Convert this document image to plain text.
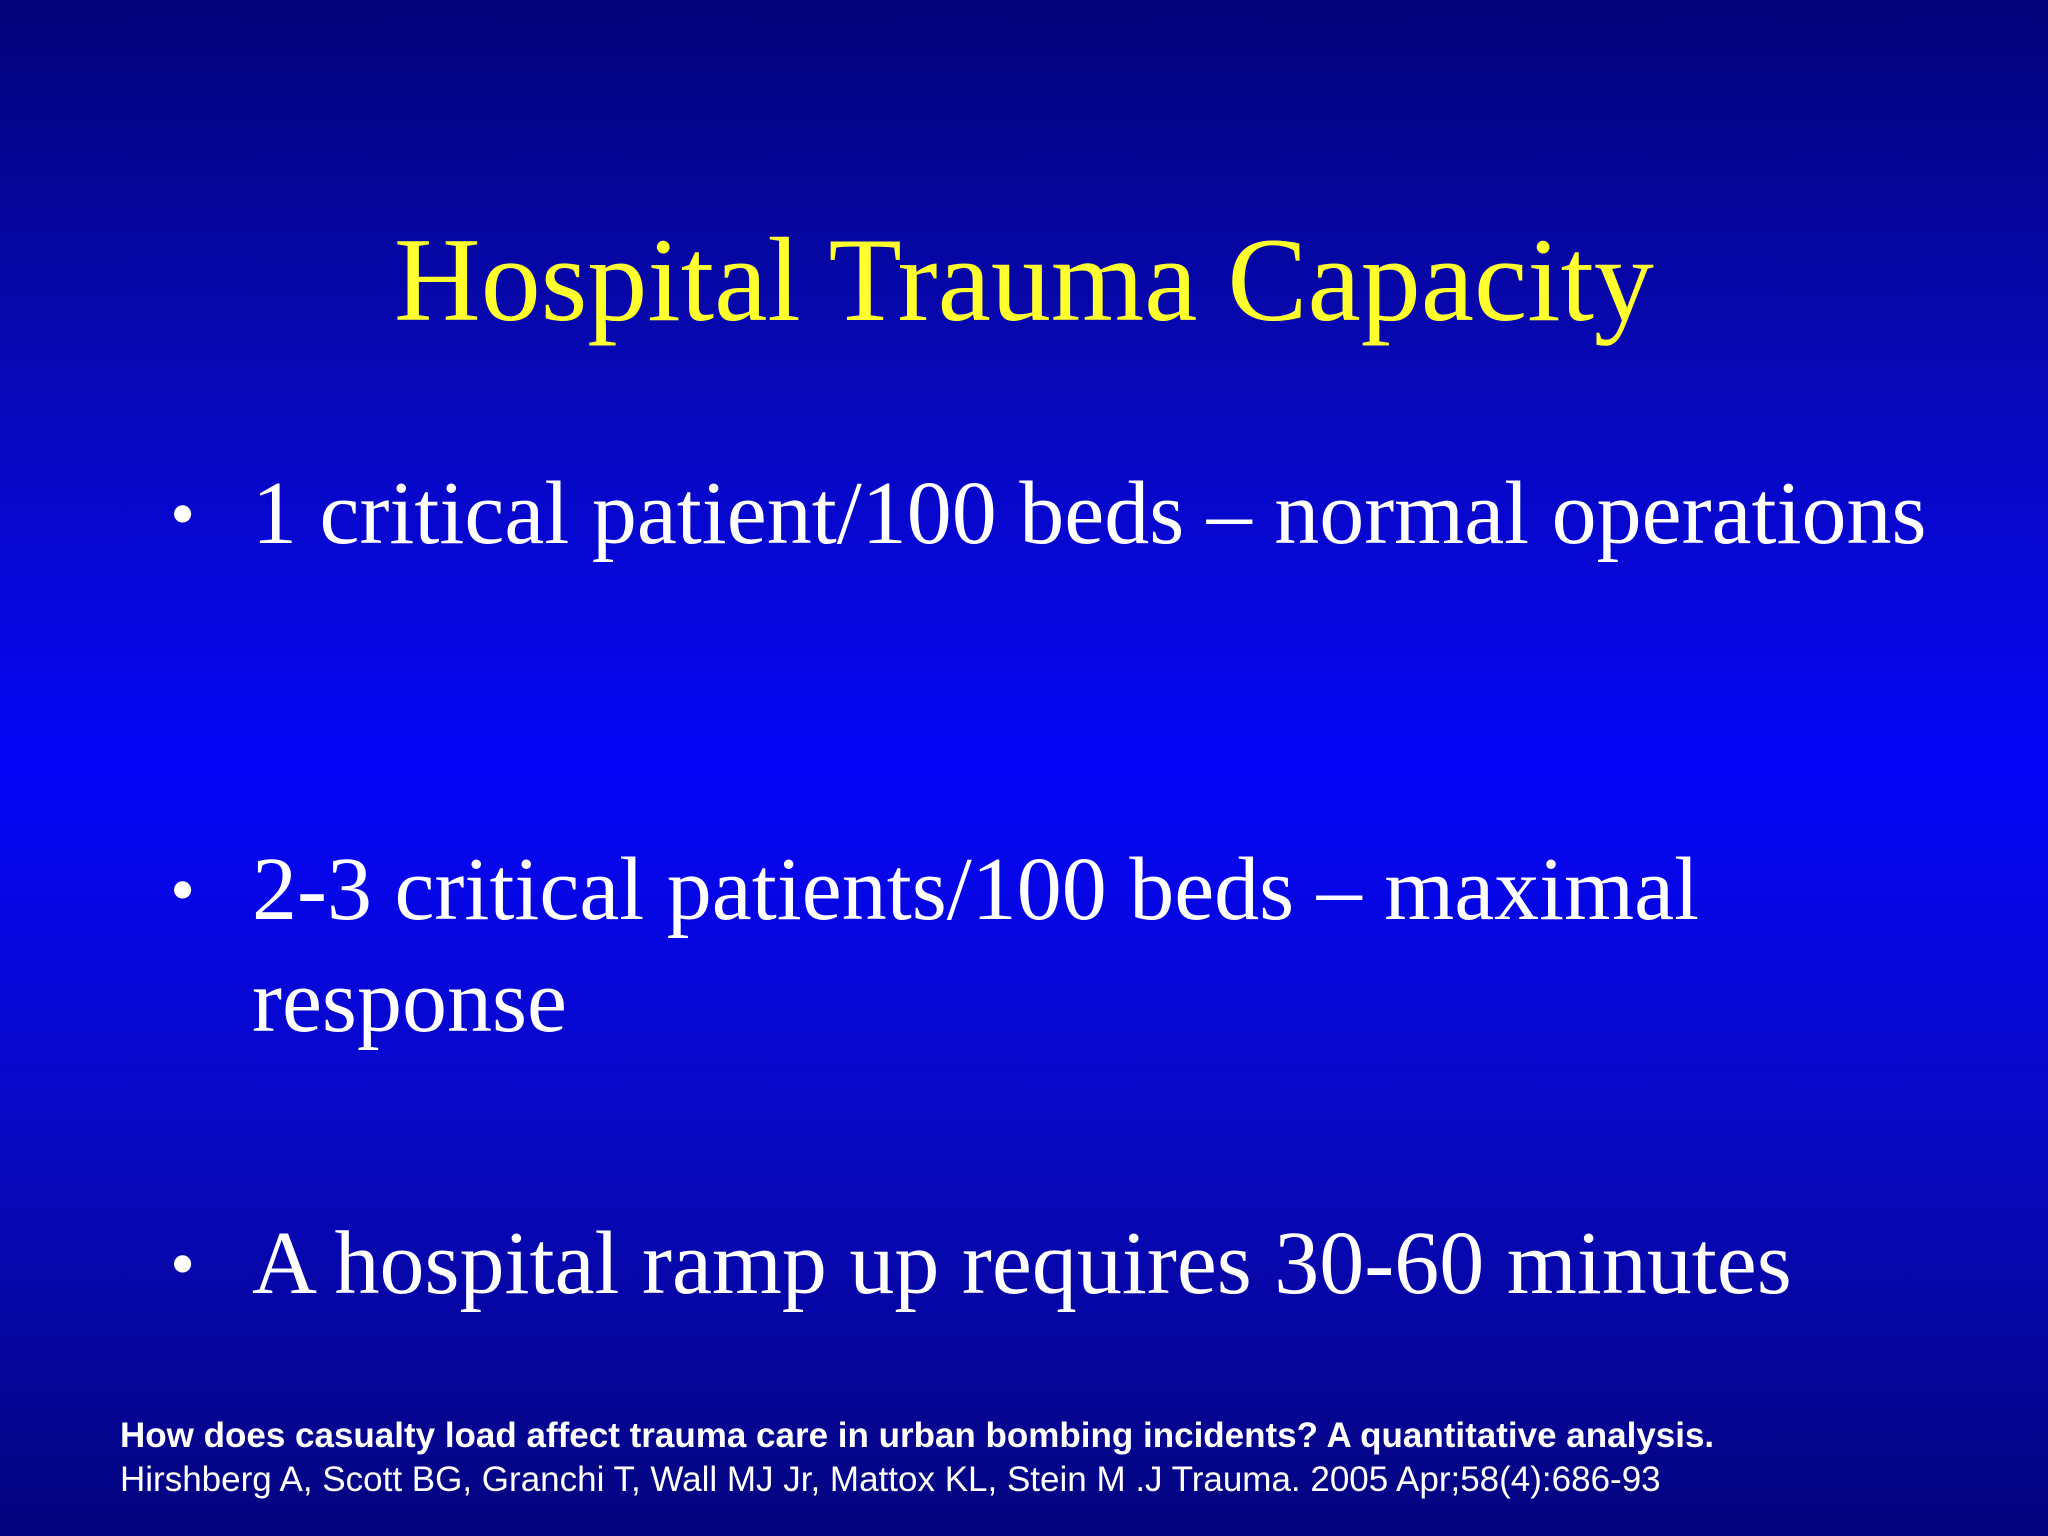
Hospital Trauma Capacity
• 1 critical patient/100 beds – normal operations
• 2-3 critical patients/100 beds – maximal response
• A hospital ramp up requires 30-60 minutes
How does casualty load affect trauma care in urban bombing incidents? A quantitative analysis.
Hirshberg A, Scott BG, Granchi T, Wall MJ Jr, Mattox KL, Stein M .J Trauma. 2005 Apr;58(4):686-93
